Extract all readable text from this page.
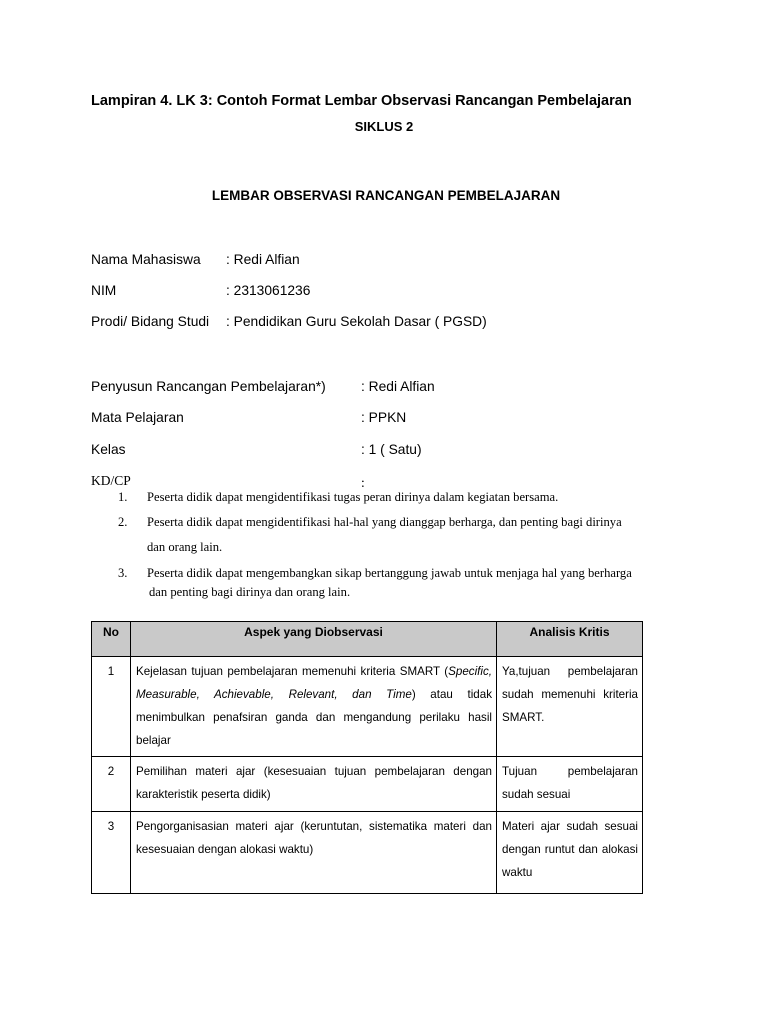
Lampiran 4. LK 3: Contoh Format Lembar Observasi Rancangan Pembelajaran
SIKLUS 2
LEMBAR OBSERVASI RANCANGAN PEMBELAJARAN
Nama Mahasiswa : Redi Alfian
NIM	: 2313061236
Prodi/ Bidang Studi : Pendidikan Guru Sekolah Dasar ( PGSD)
Penyusun Rancangan Pembelajaran*)	: Redi Alfian
Mata Pelajaran	: PPKN
Kelas	: 1 ( Satu)
KD/CP	:
1. Peserta didik dapat mengidentifikasi tugas peran dirinya dalam kegiatan bersama.
2. Peserta didik dapat mengidentifikasi hal-hal yang dianggap berharga, dan penting bagi dirinya
dan orang lain.
3. Peserta didik dapat mengembangkan sikap bertanggung jawab untuk menjaga hal yang berharga
dan penting bagi dirinya dan orang lain.
No	Aspek yang Diobservasi	Analisis Kritis

1	Kejelasan tujuan pembelajaran memenuhi kriteria SMART (Specific, Measurable, Achievable, Relevant, dan Time) atau tidak menimbulkan penafsiran ganda dan mengandung perilaku hasil belajar	Ya,tujuan pembelajaran sudah memenuhi kriteria SMART.

2	Pemilihan materi ajar (kesesuaian tujuan pembelajaran dengan karakteristik peserta didik)	Tujuan pembelajaran sudah sesuai

3	Pengorganisasian materi ajar (keruntutan, sistematika materi dan kesesuaian dengan alokasi waktu)	Materi ajar sudah sesuai dengan runtut dan alokasi waktu
